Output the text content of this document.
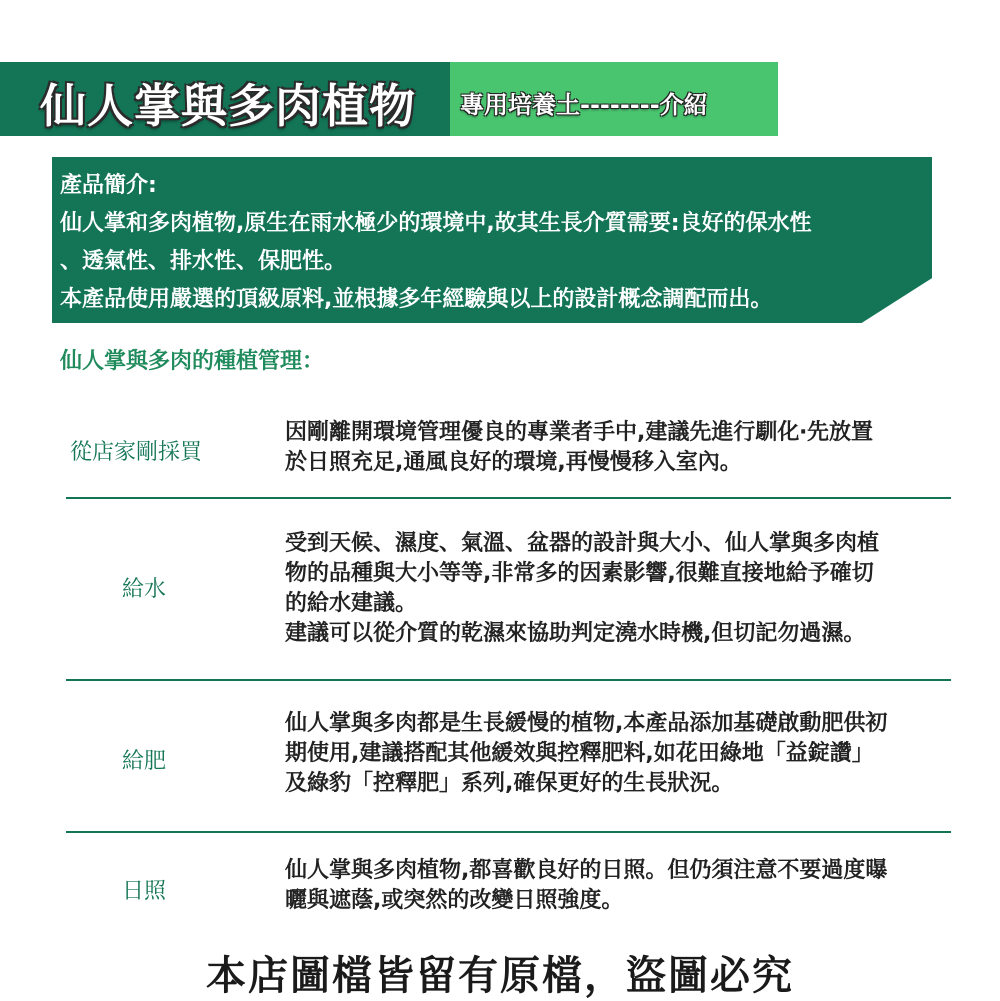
仙人掌與多肉植物 專用培養土--------介紹
產品簡介:
仙人掌和多肉植物,原生在雨水極少的環境中,故其生長介質需要:良好的保水性
、透氣性、排水性、保肥性。
本產品使用嚴選的頂級原料,並根據多年經驗與以上的設計概念調配而出。
仙人掌與多肉的種植管理：
從店家剛採買
因剛離開環境管理優良的專業者手中,建議先進行馴化‧先放置
於日照充足,通風良好的環境,再慢慢移入室內。
給水
受到天候、濕度、氣溫、盆器的設計與大小、仙人掌與多肉植
物的品種與大小等等,非常多的因素影響,很難直接地給予確切
的給水建議。
建議可以從介質的乾濕來協助判定澆水時機,但切記勿過濕。
給肥
仙人掌與多肉都是生長緩慢的植物,本產品添加基礎啟動肥供初
期使用,建議搭配其他緩效與控釋肥料,如花田綠地「益錠讚」
及綠豹「控釋肥」系列,確保更好的生長狀況。
日照
仙人掌與多肉植物,都喜歡良好的日照。但仍須注意不要過度曝
曬與遮蔭,或突然的改變日照強度。
本店圖檔皆留有原檔，盜圖必究
